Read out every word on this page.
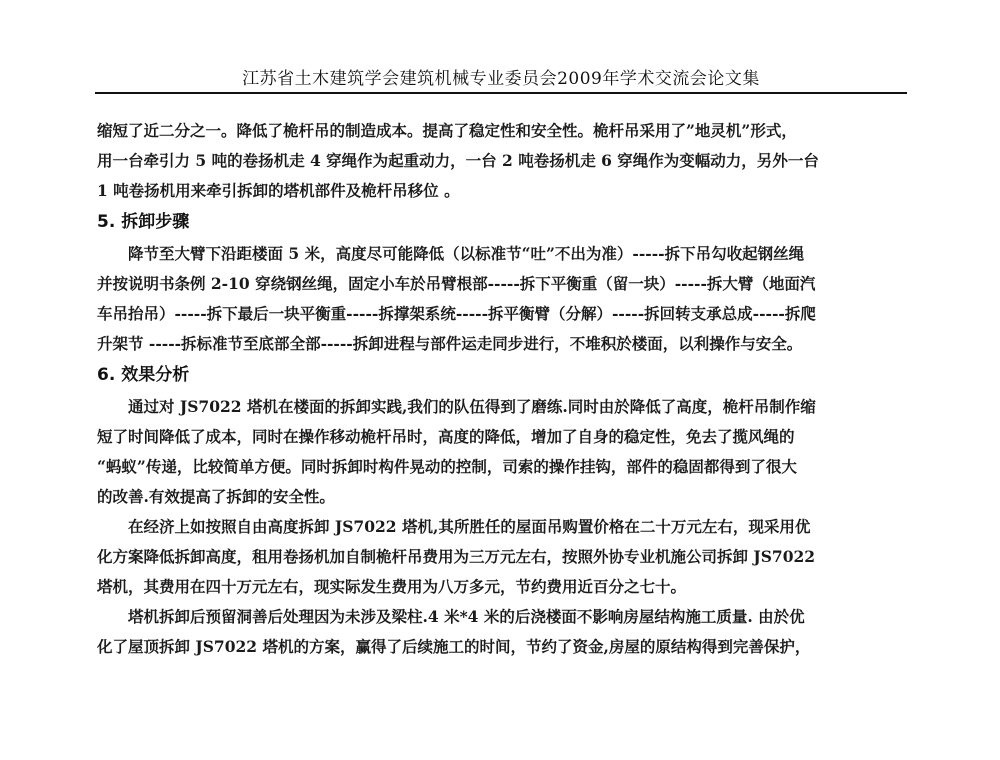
江苏省土木建筑学会建筑机械专业委员会2009年学术交流会论文集
缩短了近二分之一。降低了桅杆吊的制造成本。提高了稳定性和安全性。桅杆吊采用了”地灵机”形式，
用一台牵引力 5 吨的卷扬机走 4 穿绳作为起重动力，一台 2 吨卷扬机走 6 穿绳作为变幅动力，另外一台
1 吨卷扬机用来牵引拆卸的塔机部件及桅杆吊移位 。
5. 拆卸步骤
降节至大臂下沿距楼面 5 米，高度尽可能降低（以标准节“吐”不出为准）-----拆下吊勾收起钢丝绳
并按说明书条例 2-10 穿绕钢丝绳，固定小车於吊臂根部-----拆下平衡重（留一块）-----拆大臂（地面汽
车吊抬吊）-----拆下最后一块平衡重-----拆撑架系统-----拆平衡臂（分解）-----拆回转支承总成-----拆爬
升架节 -----拆标准节至底部全部-----拆卸进程与部件运走同步进行，不堆积於楼面，以利操作与安全。
6. 效果分析
通过对 JS7022 塔机在楼面的拆卸实践,我们的队伍得到了磨练.同时由於降低了高度，桅杆吊制作缩
短了时间降低了成本，同时在操作移动桅杆吊时，高度的降低，增加了自身的稳定性，免去了揽风绳的
“蚂蚁”传递，比较简单方便。同时拆卸时构件晃动的控制，司索的操作挂钩，部件的稳固都得到了很大
的改善.有效提高了拆卸的安全性。
在经济上如按照自由高度拆卸 JS7022 塔机,其所胜任的屋面吊购置价格在二十万元左右，现采用优
化方案降低拆卸高度，租用卷扬机加自制桅杆吊费用为三万元左右，按照外协专业机施公司拆卸 JS7022
塔机，其费用在四十万元左右，现实际发生费用为八万多元，节约费用近百分之七十。
塔机拆卸后预留洞善后处理因为未涉及梁柱.4 米*4 米的后浇楼面不影响房屋结构施工质量. 由於优
化了屋顶拆卸 JS7022 塔机的方案，赢得了后续施工的时间，节约了资金,房屋的原结构得到完善保护，
